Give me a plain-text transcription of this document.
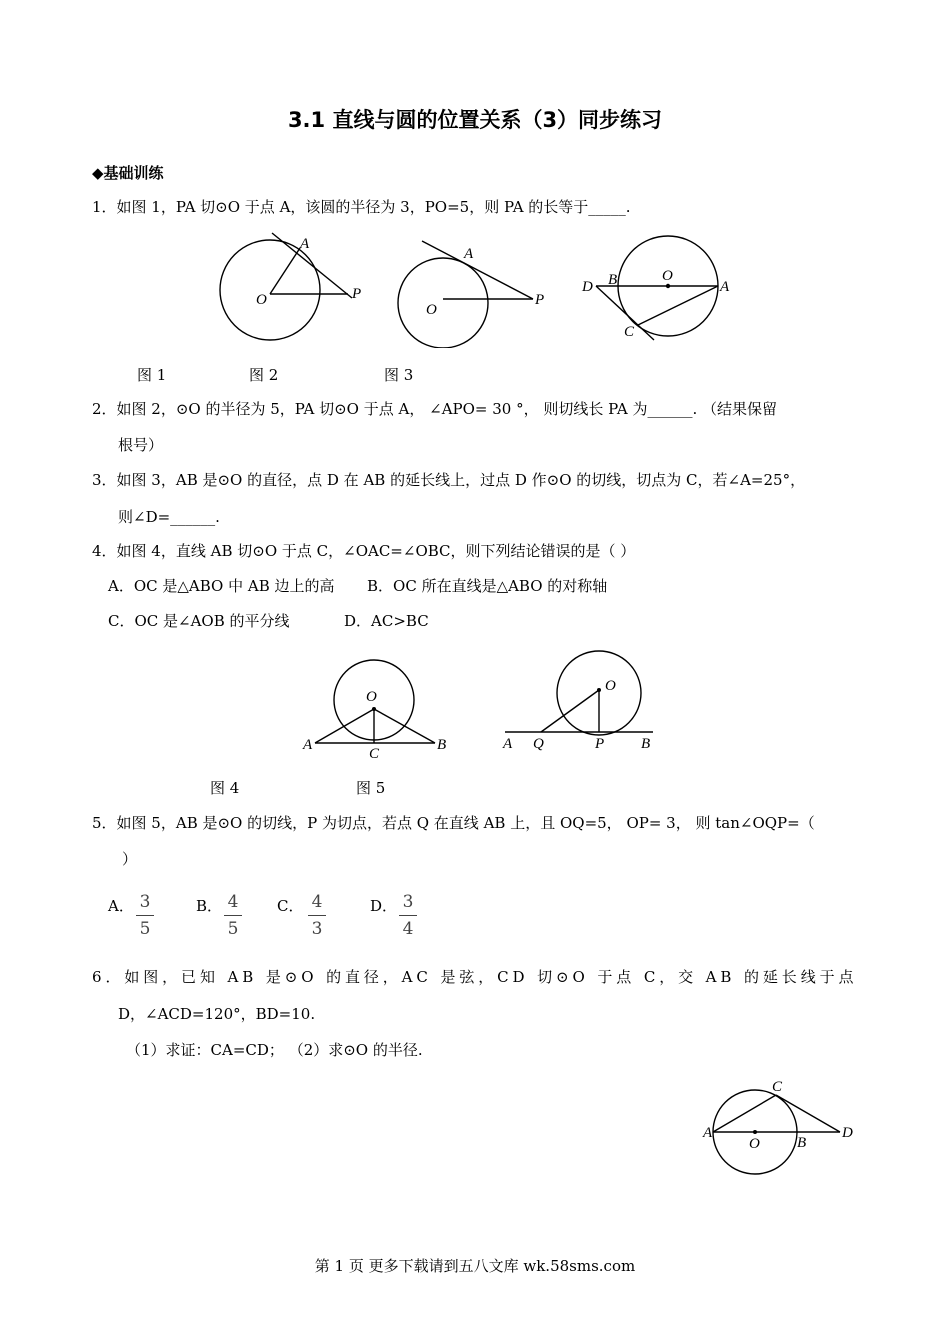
3.1 直线与圆的位置关系（3）同步练习
◆基础训练
1．如图 1，PA 切⊙O 于点 A，该圆的半径为 3，PO=5，则 PA 的长等于_____.
A
O	P
A
O
P
D B	O
A
C
图 1	图 2	图 3
2．如图 2，⊙O 的半径为 5，PA 切⊙O 于点 A， ∠APO= 30 °， 则切线长 PA 为______. （结果保留
根号）
3．如图 3，AB 是⊙O 的直径，点 D 在 AB 的延长线上，过点 D 作⊙O 的切线，切点为 C，若∠A=25°，
则∠D=______.
4．如图 4，直线 AB 切⊙O 于点 C，∠OAC=∠OBC，则下列结论错误的是（ ）
A．OC 是△ABO 中 AB 边上的高 B．OC 所在直线是△ABO 的对称轴
C．OC 是∠AOB 的平分线	D．AC>BC
O
A
C
B
O
A Q	P B
图 4	图 5
5．如图 5，AB 是⊙O 的切线，P 为切点，若点 Q 在直线 AB 上，且 OQ=5， OP= 3， 则 tan∠OQP=（
）
A． 3
5
B． 4
5
C． 4
3
D． 3
4
6．如图，已知 AB 是⊙O 的直径，AC 是弦，CD 切⊙O 于点 C，交 AB 的延长线于点
D，∠ACD=120°，BD=10.
（1）求证：CA=CD； （2）求⊙O 的半径.
C
A
O B
D
第 1 页 更多下载请到五八文库 wk.58sms.com
